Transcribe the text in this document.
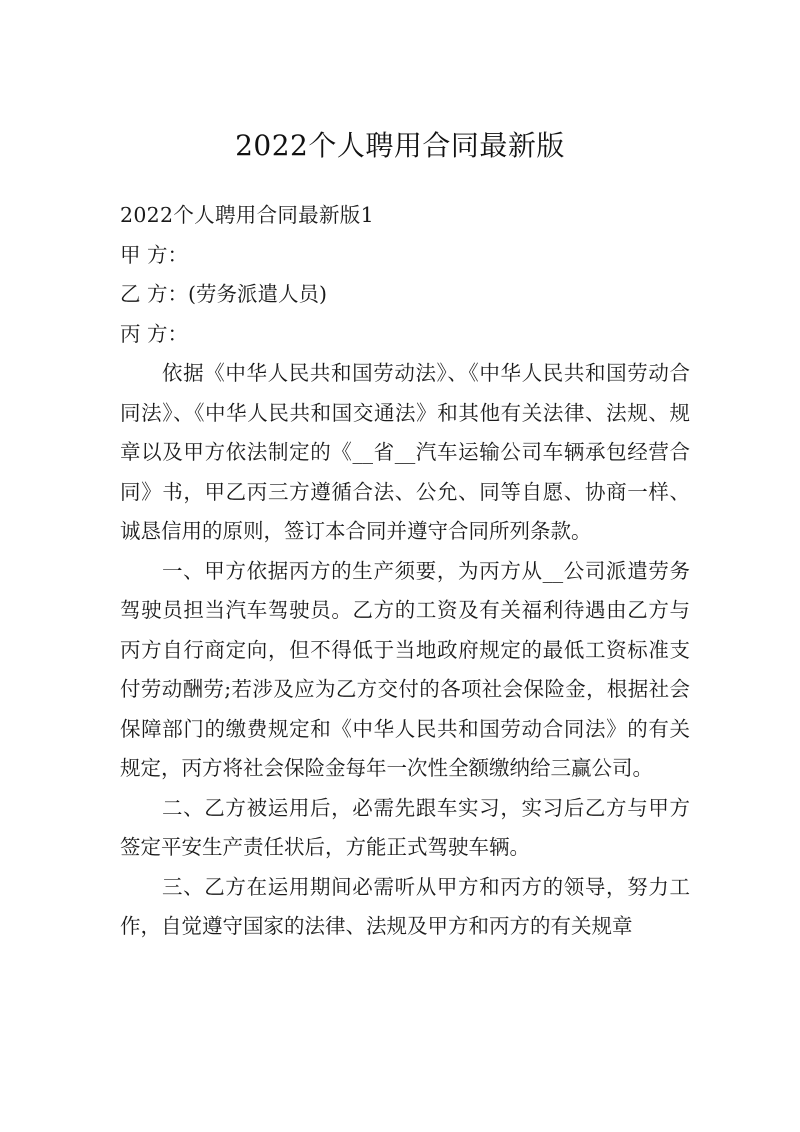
2022个人聘用合同最新版

2022个人聘用合同最新版1

甲 方：

乙 方：(劳务派遣人员)

丙 方：

依据《中华人民共和国劳动法》、《中华人民共和国劳动合同法》、《中华人民共和国交通法》和其他有关法律、法规、规章以及甲方依法制定的《__省__汽车运输公司车辆承包经营合同》书，甲乙丙三方遵循合法、公允、同等自愿、协商一样、诚恳信用的原则，签订本合同并遵守合同所列条款。

一、甲方依据丙方的生产须要，为丙方从__公司派遣劳务驾驶员担当汽车驾驶员。乙方的工资及有关福利待遇由乙方与丙方自行商定向，但不得低于当地政府规定的最低工资标准支付劳动酬劳;若涉及应为乙方交付的各项社会保险金，根据社会保障部门的缴费规定和《中华人民共和国劳动合同法》的有关规定，丙方将社会保险金每年一次性全额缴纳给三赢公司。

二、乙方被运用后，必需先跟车实习，实习后乙方与甲方签定平安生产责任状后，方能正式驾驶车辆。

三、乙方在运用期间必需听从甲方和丙方的领导，努力工作，自觉遵守国家的法律、法规及甲方和丙方的有关规章
